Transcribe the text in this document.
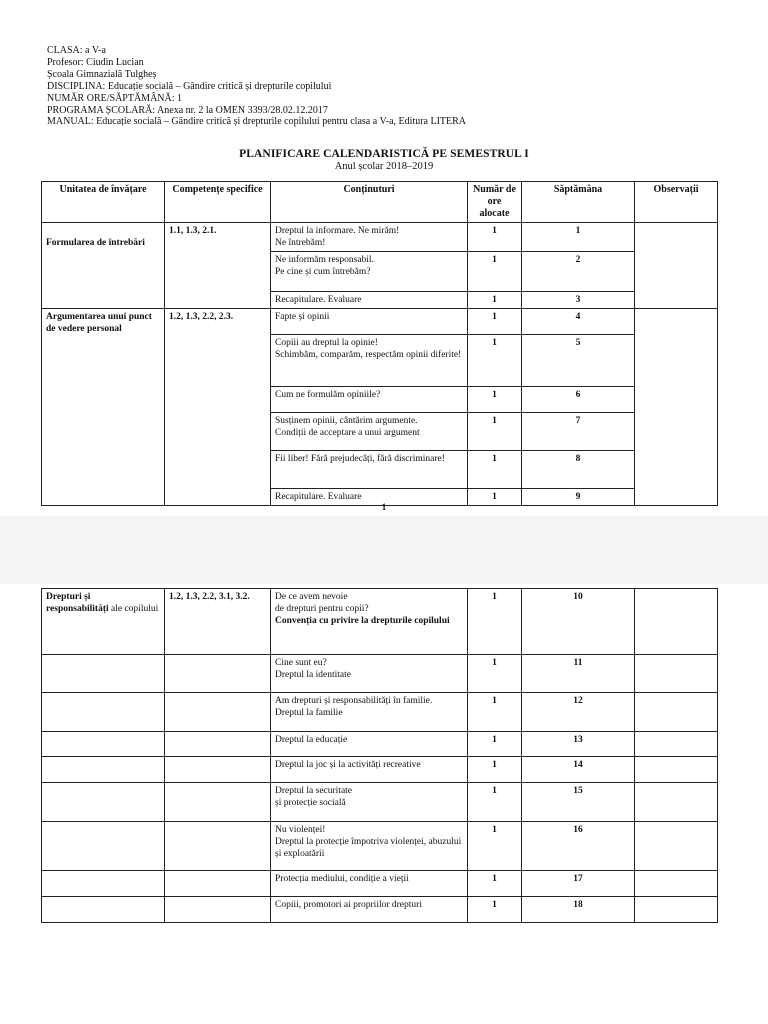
CLASA: a V-a
Profesor: Ciudin Lucian
Școala Gimnazială Tulgheș
DISCIPLINA: Educație socială – Gândire critică și drepturile copilului
NUMĂR ORE/SĂPTĂMÂNĂ: 1
PROGRAMA ȘCOLARĂ: Anexa nr. 2 la OMEN 3393/28.02.12.2017
MANUAL: Educație socială – Gândire critică și drepturile copilului pentru clasa a V-a, Editura LITERA
PLANIFICARE CALENDARISTICĂ PE SEMESTRUL I
Anul școlar 2018–2019
Unitatea de învățare	Competențe specifice	Conținuturi	Număr de ore alocate	Săptămâna	Observații

Formularea de întrebări	1.1, 1.3, 2.1.	Dreptul la informare. Ne mirăm!
Ne întrebăm!	1	1	

		Ne informăm responsabil.
Pe cine și cum întrebăm?	1	2	
		Recapitulare. Evaluare	1	3	
Argumentarea unui punct de vedere personal	1.2, 1.3, 2.2, 2.3.	Fapte și opinii	1	4	

		Copiii au dreptul la opinie!
Schimbăm, comparăm, respectăm opinii diferite!	1	5	
		Cum ne formulăm opiniile?	1	6	

		Susținem opinii, cântărim argumente.
Condiții de acceptare a unui argument	1	7	
		Fii liber! Fără prejudecăți, fără discriminare!	1	8	
		Recapitulare. Evaluare	1	9	
1
Drepturi și
responsabilități ale copilului	1.2, 1.3, 2.2, 3.1, 3.2.	De ce avem nevoie
de drepturi pentru copii?
Convenția cu privire la drepturile copilului	1	10	

		Cine sunt eu?
Dreptul la identitate	1	11	

		Am drepturi și responsabilități în familie.
Dreptul la familie	1	12	
		Dreptul la educație	1	13	
		Dreptul la joc și la activități recreative	1	14	

		Dreptul la securitate
și protecție socială	1	15	

		Nu violenței!
Dreptul la protecție împotriva violenței, abuzului și exploatării	1	16	
		Protecția mediului, condiție a vieții	1	17	
		Copiii, promotori ai propriilor drepturi	1	18	
